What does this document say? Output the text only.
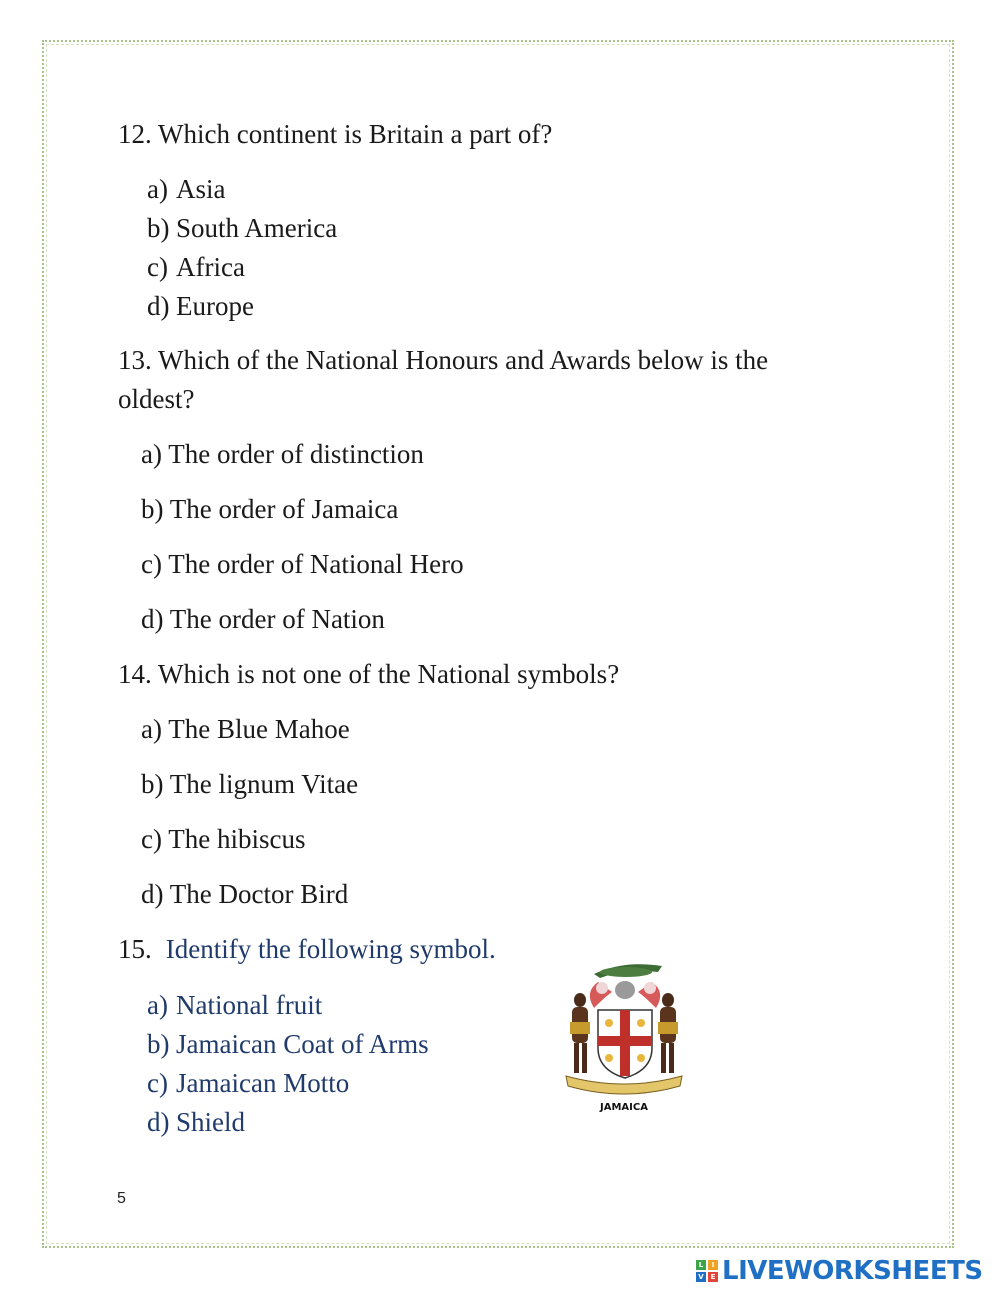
12. Which continent is Britain a part of?
a) Asia
b) South America
c) Africa
d) Europe
13. Which of the National Honours and Awards below is the
oldest?
a) The order of distinction
b) The order of Jamaica
c) The order of National Hero
d) The order of Nation
14. Which is not one of the National symbols?
a) The Blue Mahoe
b) The lignum Vitae
c) The hibiscus
d) The Doctor Bird
15. Identify the following symbol.
a) National fruit
b) Jamaican Coat of Arms
c) Jamaican Motto
d) Shield	JAMAICA
5
L	I
V E LIVEWORKSHEETS
